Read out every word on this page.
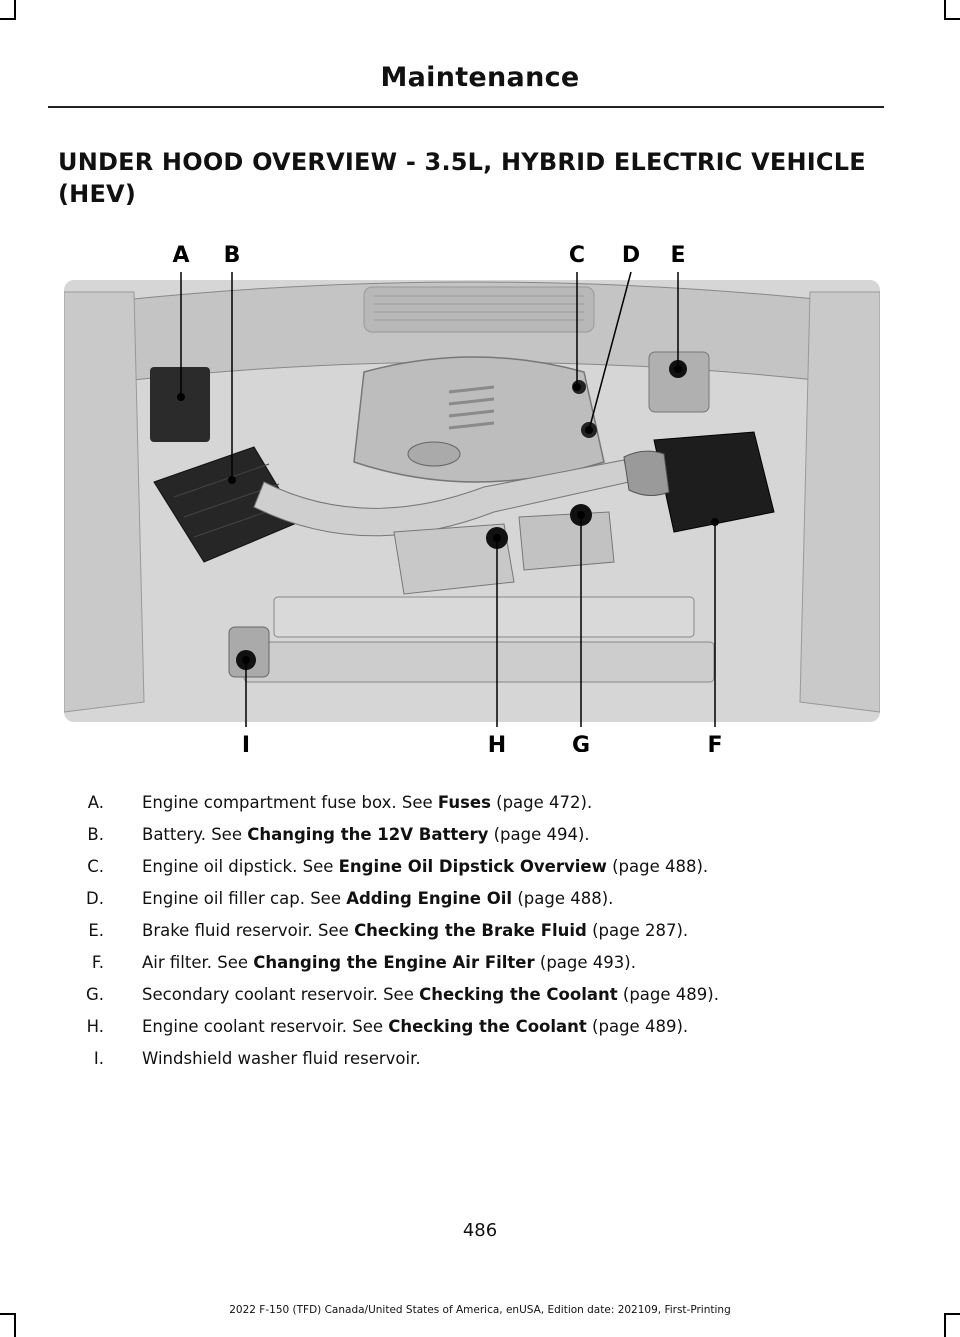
Maintenance
UNDER HOOD OVERVIEW - 3.5L, HYBRID ELECTRIC VEHICLE (HEV)
A B	C D E
F
G
H
I
A. Engine compartment fuse box. See Fuses (page 472).
B. Battery. See Changing the 12V Battery (page 494).
C. Engine oil dipstick. See Engine Oil Dipstick Overview (page 488).
D. Engine oil filler cap. See Adding Engine Oil (page 488).
E. Brake fluid reservoir. See Checking the Brake Fluid (page 287).
F. Air filter. See Changing the Engine Air Filter (page 493).
G. Secondary coolant reservoir. See Checking the Coolant (page 489).
H. Engine coolant reservoir. See Checking the Coolant (page 489).
I. Windshield washer fluid reservoir.
486
2022 F-150 (TFD) Canada/United States of America, enUSA, Edition date: 202109, First-Printing
